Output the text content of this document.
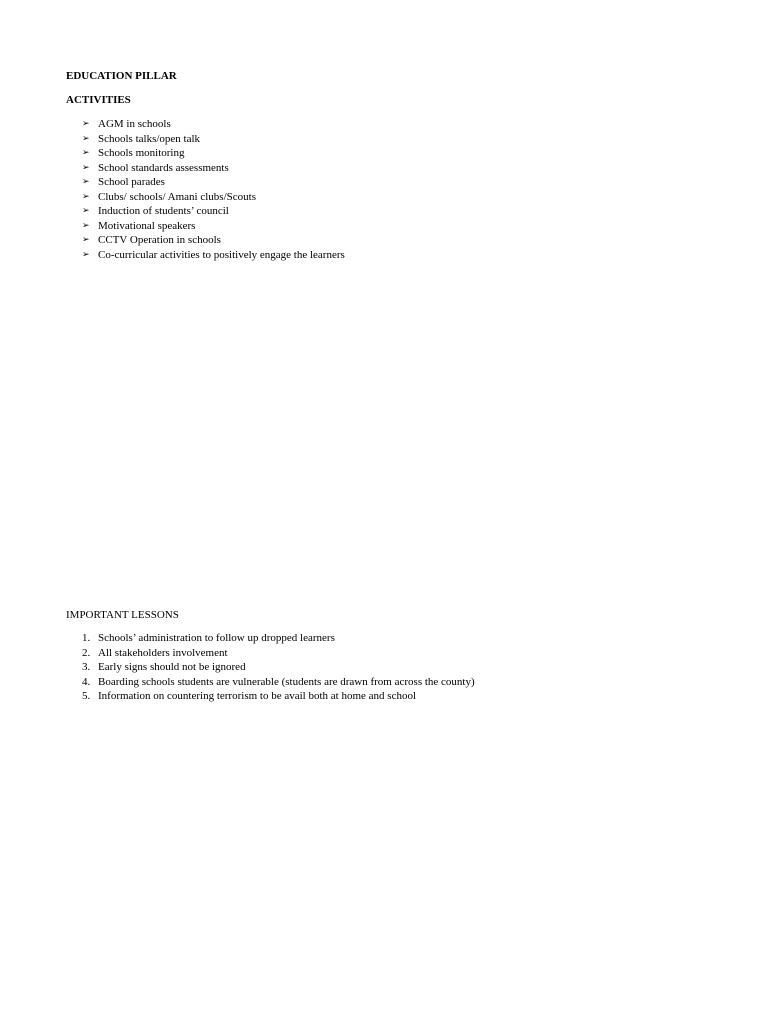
EDUCATION PILLAR
ACTIVITIES
➢ AGM in schools
➢ Schools talks/open talk
➢ Schools monitoring
➢ School standards assessments
➢ School parades
➢ Clubs/ schools/ Amani clubs/Scouts
➢ Induction of students’ council
➢ Motivational speakers
➢ CCTV Operation in schools
➢ Co-curricular activities to positively engage the learners
IMPORTANT LESSONS
1. Schools’ administration to follow up dropped learners
2. All stakeholders involvement
3. Early signs should not be ignored
4. Boarding schools students are vulnerable (students are drawn from across the county)
5. Information on countering terrorism to be avail both at home and school
